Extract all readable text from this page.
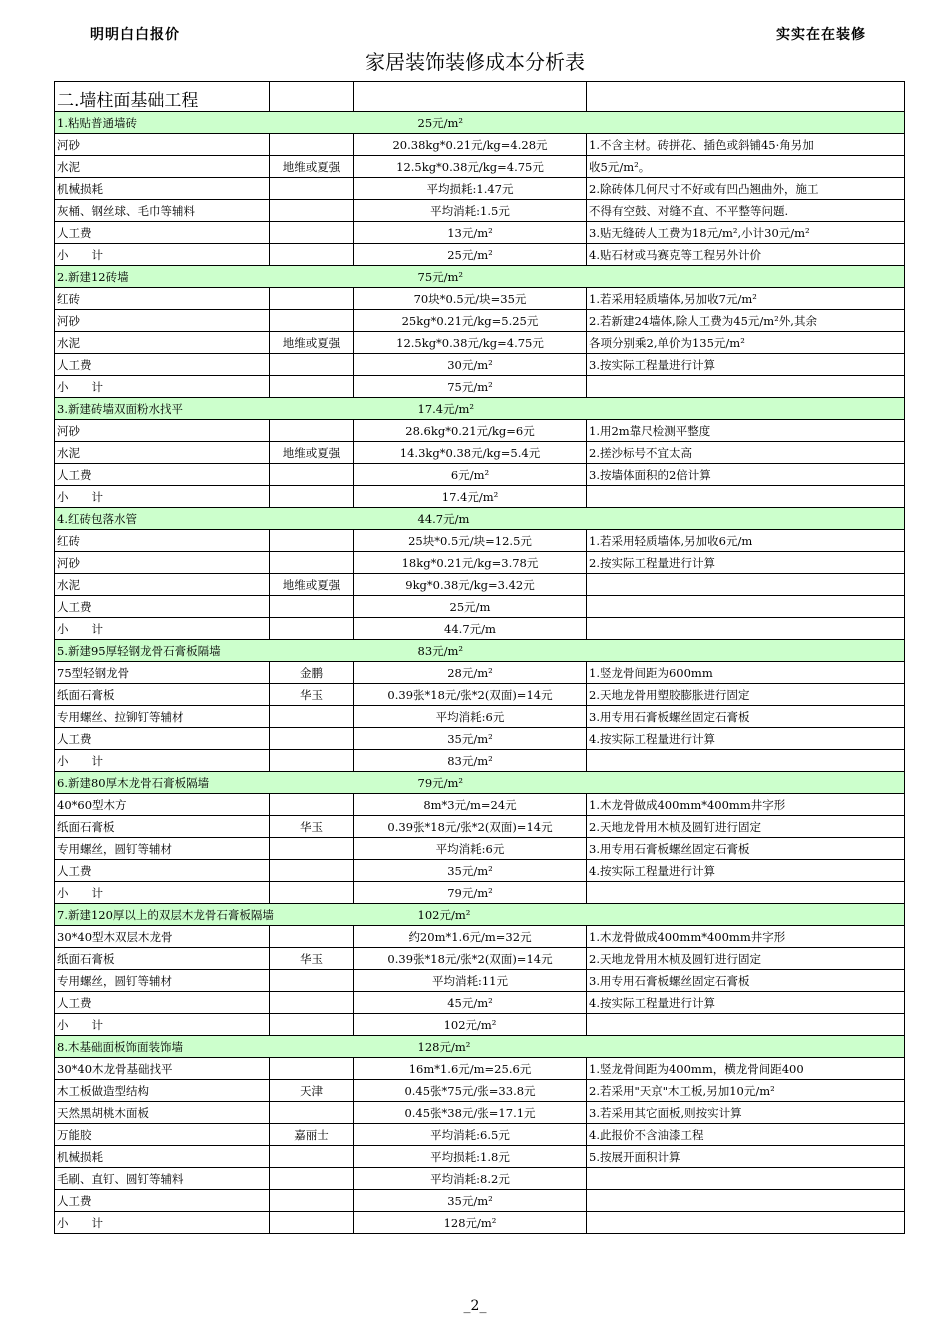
明明白白报价	实实在在装修
家居装饰装修成本分析表
二.墙柱面基础工程			
1.粘贴普通墙砖		25元/m²	
河砂		20.38kg*0.21元/kg=4.28元	1.不含主材。砖拼花、插色或斜铺45·角另加
水泥	地维或夏强	12.5kg*0.38元/kg=4.75元	收5元/m²。
机械损耗		平均损耗:1.47元	2.除砖体几何尺寸不好或有凹凸翘曲外，施工
灰桶、钢丝球、毛巾等辅料		平均消耗:1.5元	不得有空鼓、对缝不直、不平整等问题.
人工费		13元/m²	3.贴无缝砖人工费为18元/m²,小计30元/m²
小　　计		25元/m²	4.贴石材或马赛克等工程另外计价
2.新建12砖墙		75元/m²	
红砖		70块*0.5元/块=35元	1.若采用轻质墙体,另加收7元/m²
河砂		25kg*0.21元/kg=5.25元	2.若新建24墙体,除人工费为45元/m²外,其余
水泥	地维或夏强	12.5kg*0.38元/kg=4.75元	各项分别乘2,单价为135元/m²
人工费		30元/m²	3.按实际工程量进行计算
小　　计		75元/m²	
3.新建砖墙双面粉水找平		17.4元/m²	
河砂		28.6kg*0.21元/kg=6元	1.用2m靠尺检测平整度
水泥	地维或夏强	14.3kg*0.38元/kg=5.4元	2.搓沙标号不宜太高
人工费		6元/m²	3.按墙体面积的2倍计算
小　　计		17.4元/m²	
4.红砖包落水管		44.7元/m	
红砖		25块*0.5元/块=12.5元	1.若采用轻质墙体,另加收6元/m
河砂		18kg*0.21元/kg=3.78元	2.按实际工程量进行计算
水泥	地维或夏强	9kg*0.38元/kg=3.42元	
人工费		25元/m	
小　　计		44.7元/m	
5.新建95厚轻钢龙骨石膏板隔墙		83元/m²	
75型轻钢龙骨	金鹏	28元/m²	1.竖龙骨间距为600mm
纸面石膏板	华玉	0.39张*18元/张*2(双面)=14元	2.天地龙骨用塑胶膨胀进行固定
专用螺丝、拉铆钉等辅材		平均消耗:6元	3.用专用石膏板螺丝固定石膏板
人工费		35元/m²	4.按实际工程量进行计算
小　　计		83元/m²	
6.新建80厚木龙骨石膏板隔墙		79元/m²	
40*60型木方		8m*3元/m=24元	1.木龙骨做成400mm*400mm井字形
纸面石膏板	华玉	0.39张*18元/张*2(双面)=14元	2.天地龙骨用木桢及圆钉进行固定
专用螺丝，圆钉等辅材		平均消耗:6元	3.用专用石膏板螺丝固定石膏板
人工费		35元/m²	4.按实际工程量进行计算
小　　计		79元/m²	
7.新建120厚以上的双层木龙骨石膏板隔墙		102元/m²	
30*40型木双层木龙骨		约20m*1.6元/m=32元	1.木龙骨做成400mm*400mm井字形
纸面石膏板	华玉	0.39张*18元/张*2(双面)=14元	2.天地龙骨用木桢及圆钉进行固定
专用螺丝，圆钉等辅材		平均消耗:11元	3.用专用石膏板螺丝固定石膏板
人工费		45元/m²	4.按实际工程量进行计算
小　　计		102元/m²	
8.木基础面板饰面装饰墙		128元/m²	
30*40木龙骨基础找平		16m*1.6元/m=25.6元	1.竖龙骨间距为400mm，横龙骨间距400
木工板做造型结构	天津	0.45张*75元/张=33.8元	2.若采用"天京"木工板,另加10元/m²
天然黑胡桃木面板		0.45张*38元/张=17.1元	3.若采用其它面板,则按实计算
万能胶	嘉丽士	平均消耗:6.5元	4.此报价不含油漆工程
机械损耗		平均损耗:1.8元	5.按展开面积计算
毛刷、直钉、圆钉等辅料		平均消耗:8.2元	
人工费		35元/m²	
小　　计		128元/m²	
_2_
